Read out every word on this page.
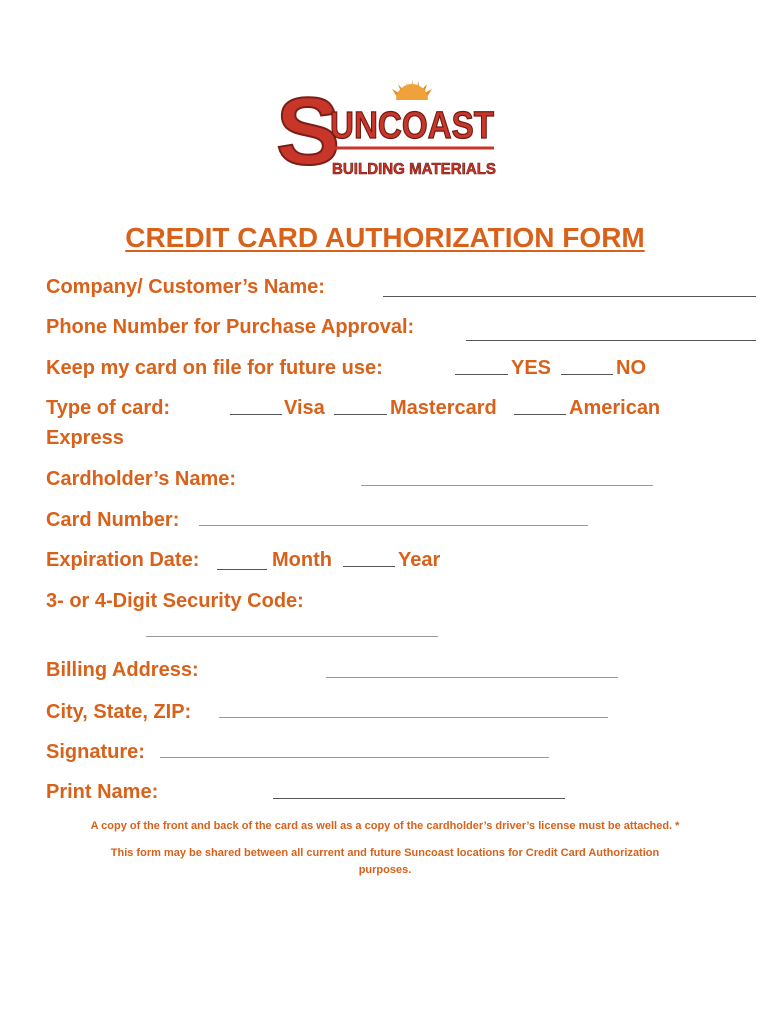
S
UNCOAST
BUILDING MATERIALS
CREDIT CARD AUTHORIZATION FORM
Company/ Customer’s Name:
Phone Number for Purchase Approval:
Keep my card on file for future use:	YES	NO
Type of card:	Visa	Mastercard	American
Express
Cardholder’s Name:
Card Number:
Expiration Date:	Month	Year
3- or 4-Digit Security Code:
Billing Address:
City, State, ZIP:
Signature:
Print Name:
A copy of the front and back of the card as well as a copy of the cardholder’s driver’s license must be attached. *
This form may be shared between all current and future Suncoast locations for Credit Card Authorization
purposes.
